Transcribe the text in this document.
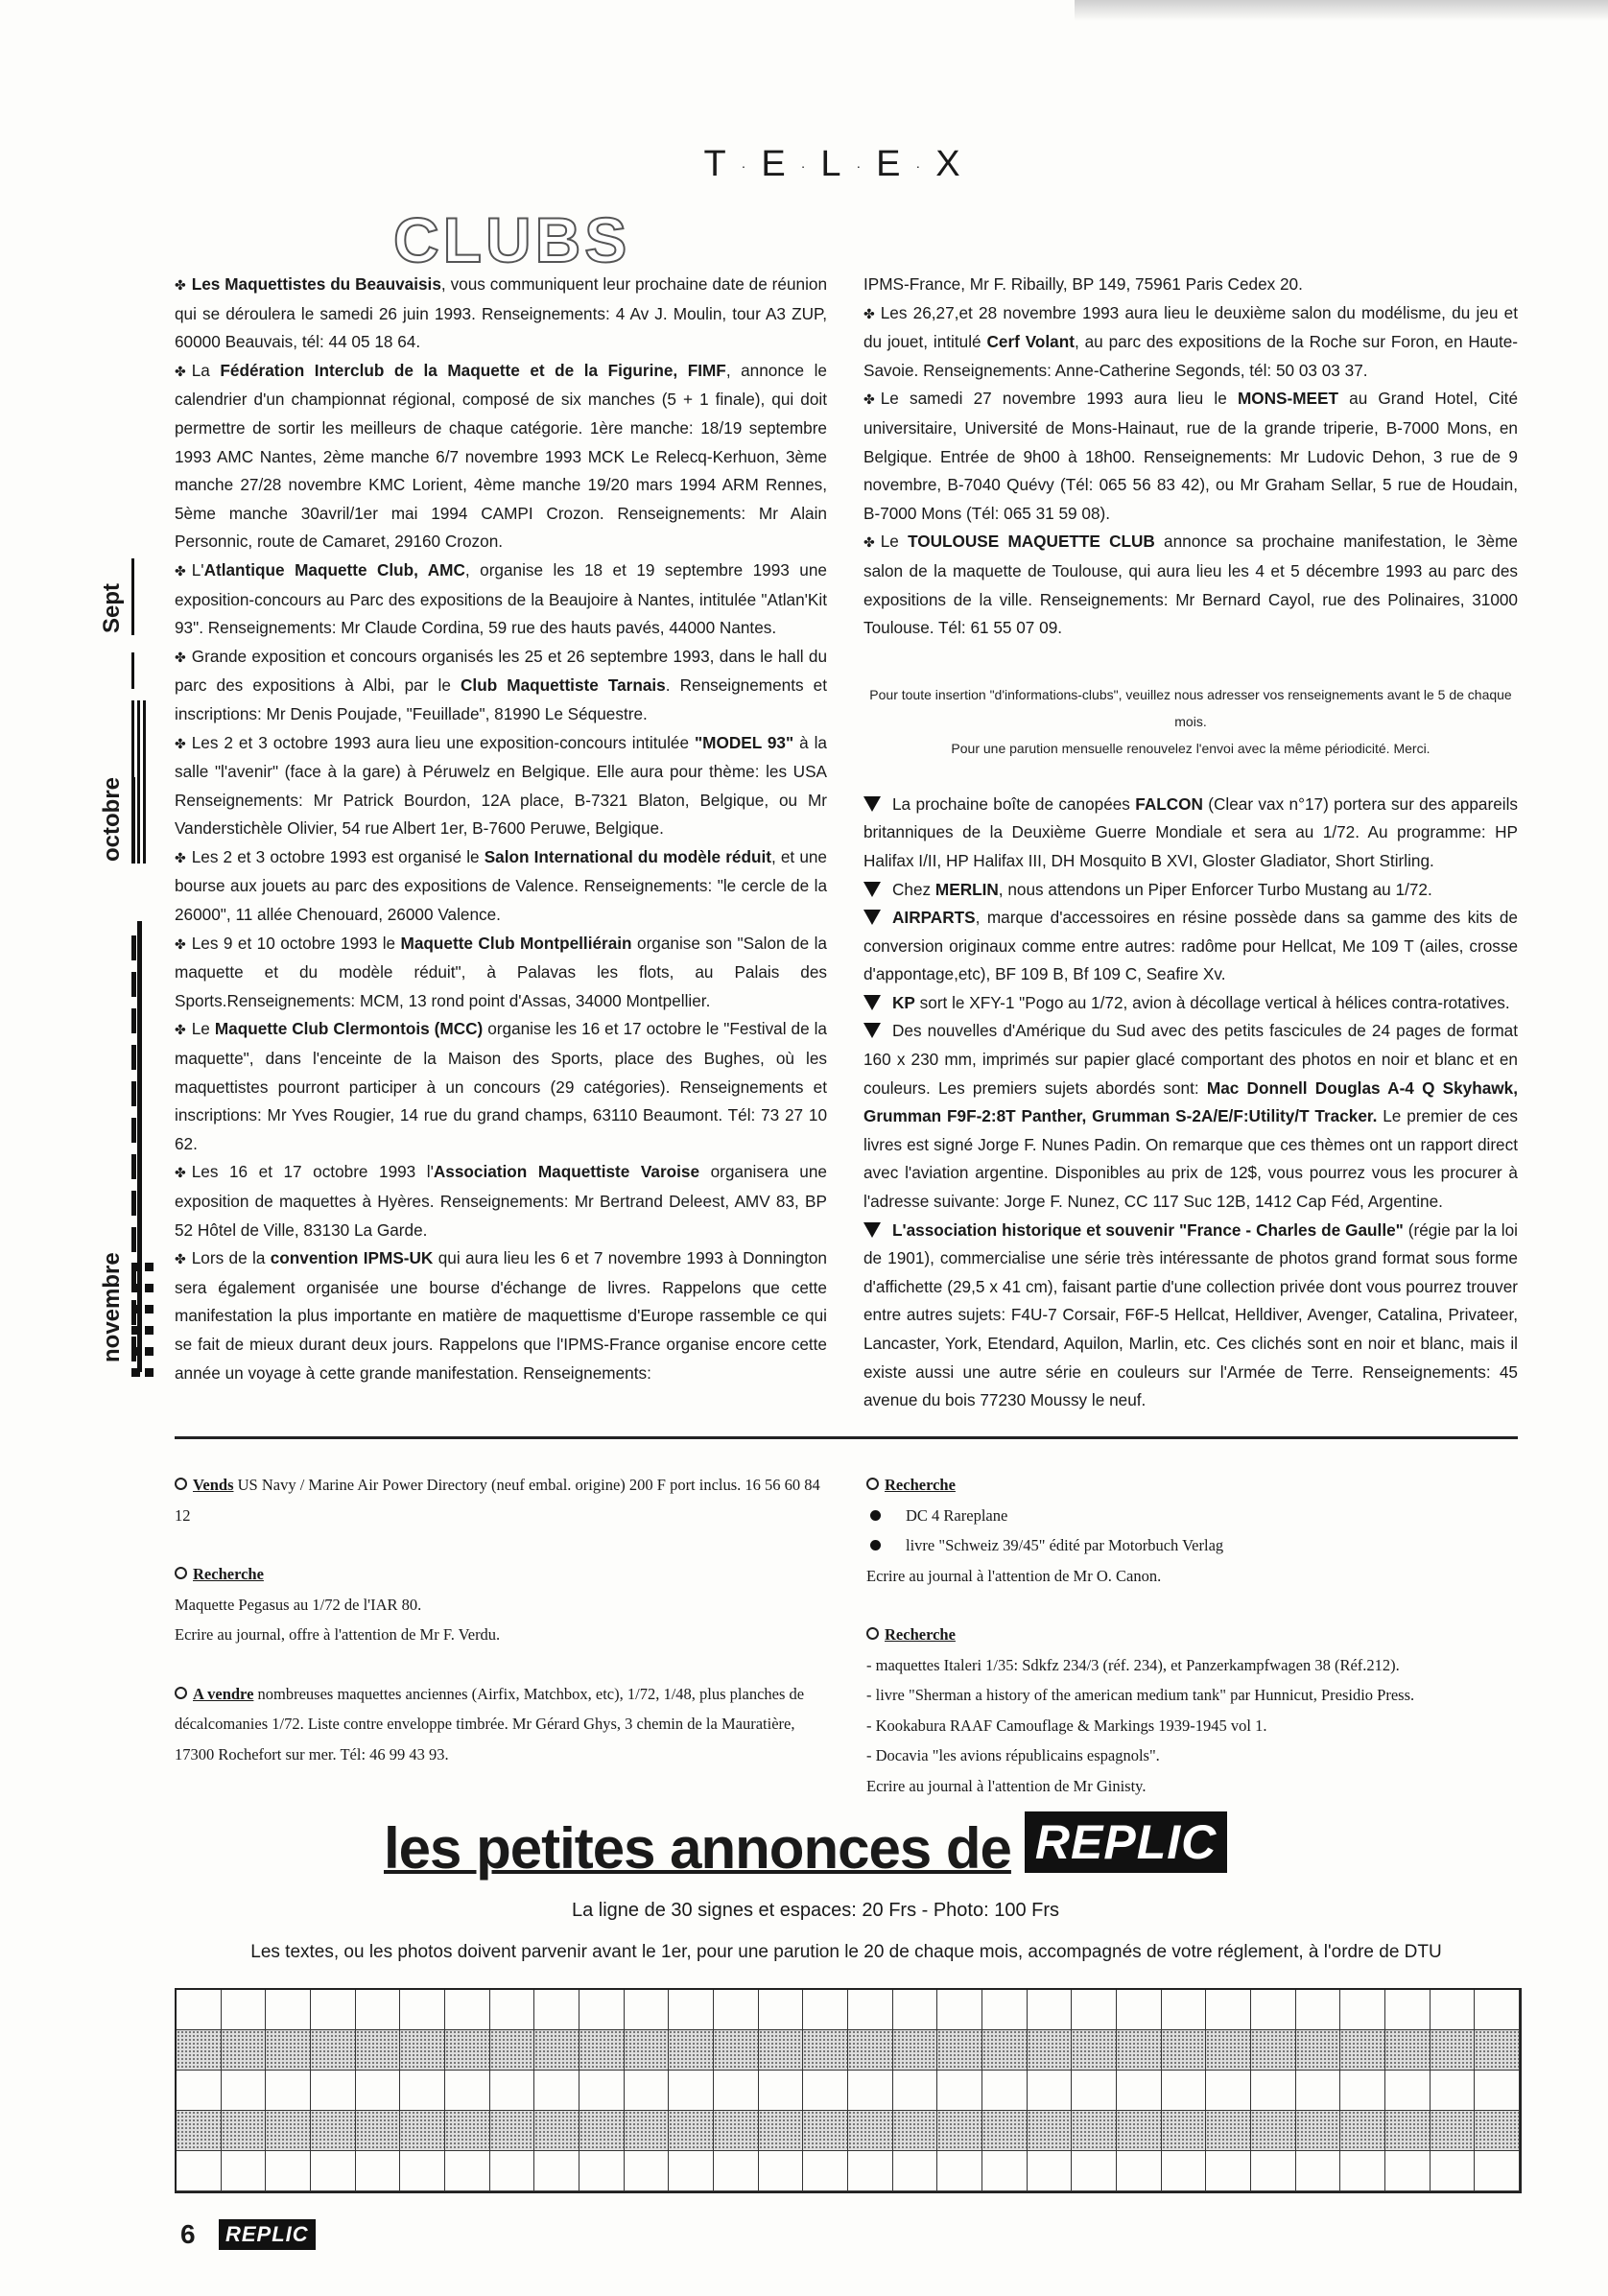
T · E · L · E · X
CLUBS

✤ Les Maquettistes du Beauvaisis, vous communiquent leur prochaine date de réunion qui se déroulera le samedi 26 juin 1993. Renseignements: 4 Av J. Moulin, tour A3 ZUP, 60000 Beauvais, tél: 44 05 18 64.

✤ La Fédération Interclub de la Maquette et de la Figurine, FIMF, annonce le calendrier d'un championnat régional, composé de six manches (5 + 1 finale), qui doit permettre de sortir les meilleurs de chaque catégorie. 1ère manche: 18/19 septembre 1993 AMC Nantes, 2ème manche 6/7 novembre 1993 MCK Le Relecq-Kerhuon, 3ème manche 27/28 novembre KMC Lorient, 4ème manche 19/20 mars 1994 ARM Rennes, 5ème manche 30avril/1er mai 1994 CAMPI Crozon. Renseignements: Mr Alain Personnic, route de Camaret, 29160 Crozon.

✤ L'Atlantique Maquette Club, AMC, organise les 18 et 19 septembre 1993 une exposition-concours au Parc des expositions de la Beaujoire à Nantes, intitulée "Atlan'Kit 93". Renseignements: Mr Claude Cordina, 59 rue des hauts pavés, 44000 Nantes.

✤ Grande exposition et concours organisés les 25 et 26 septembre 1993, dans le hall du parc des expositions à Albi, par le Club Maquettiste Tarnais. Renseignements et inscriptions: Mr Denis Poujade, "Feuillade", 81990 Le Séquestre.

✤ Les 2 et 3 octobre 1993 aura lieu une exposition-concours intitulée "MODEL 93" à la salle "l'avenir" (face à la gare) à Péruwelz en Belgique. Elle aura pour thème: les USA Renseignements: Mr Patrick Bourdon, 12A place, B-7321 Blaton, Belgique, ou Mr Vanderstichèle Olivier, 54 rue Albert 1er, B-7600 Peruwe, Belgique.

✤ Les 2 et 3 octobre 1993 est organisé le Salon International du modèle réduit, et une bourse aux jouets au parc des expositions de Valence. Renseignements: "le cercle de la 26000", 11 allée Chenouard, 26000 Valence.

✤ Les 9 et 10 octobre 1993 le Maquette Club Montpelliérain organise son "Salon de la maquette et du modèle réduit", à Palavas les flots, au Palais des Sports.Renseignements: MCM, 13 rond point d'Assas, 34000 Montpellier.

✤ Le Maquette Club Clermontois (MCC) organise les 16 et 17 octobre le "Festival de la maquette", dans l'enceinte de la Maison des Sports, place des Bughes, où les maquettistes pourront participer à un concours (29 catégories). Renseignements et inscriptions: Mr Yves Rougier, 14 rue du grand champs, 63110 Beaumont. Tél: 73 27 10 62.

✤ Les 16 et 17 octobre 1993 l'Association Maquettiste Varoise organisera une exposition de maquettes à Hyères. Renseignements: Mr Bertrand Deleest, AMV 83, BP 52 Hôtel de Ville, 83130 La Garde.

✤ Lors de la convention IPMS-UK qui aura lieu les 6 et 7 novembre 1993 à Donnington sera également organisée une bourse d'échange de livres. Rappelons que cette manifestation la plus importante en matière de maquettisme d'Europe rassemble ce qui se fait de mieux durant deux jours. Rappelons que l'IPMS-France organise encore cette année un voyage à cette grande manifestation. Renseignements:

IPMS-France, Mr F. Ribailly, BP 149, 75961 Paris Cedex 20.

✤ Les 26,27,et 28 novembre 1993 aura lieu le deuxième salon du modélisme, du jeu et du jouet, intitulé Cerf Volant, au parc des expositions de la Roche sur Foron, en Haute-Savoie. Renseignements: Anne-Catherine Segonds, tél: 50 03 03 37.

✤ Le samedi 27 novembre 1993 aura lieu le MONS-MEET au Grand Hotel, Cité universitaire, Université de Mons-Hainaut, rue de la grande triperie, B-7000 Mons, en Belgique. Entrée de 9h00 à 18h00. Renseignements: Mr Ludovic Dehon, 3 rue de 9 novembre, B-7040 Quévy (Tél: 065 56 83 42), ou Mr Graham Sellar, 5 rue de Houdain, B-7000 Mons (Tél: 065 31 59 08).

✤ Le TOULOUSE MAQUETTE CLUB annonce sa prochaine manifestation, le 3ème salon de la maquette de Toulouse, qui aura lieu les 4 et 5 décembre 1993 au parc des expositions de la ville. Renseignements: Mr Bernard Cayol, rue des Polinaires, 31000 Toulouse. Tél: 61 55 07 09.

Pour toute insertion "d'informations-clubs", veuillez nous adresser vos renseignements avant le 5 de chaque mois.

Pour une parution mensuelle renouvelez l'envoi avec la même périodicité. Merci.

La prochaine boîte de canopées FALCON (Clear vax n°17) portera sur des appareils britanniques de la Deuxième Guerre Mondiale et sera au 1/72. Au programme: HP Halifax I/II, HP Halifax III, DH Mosquito B XVI, Gloster Gladiator, Short Stirling.

Chez MERLIN, nous attendons un Piper Enforcer Turbo Mustang au 1/72.

AIRPARTS, marque d'accessoires en résine possède dans sa gamme des kits de conversion originaux comme entre autres: radôme pour Hellcat, Me 109 T (ailes, crosse d'appontage,etc), BF 109 B, Bf 109 C, Seafire Xv.

KP sort le XFY-1 "Pogo au 1/72, avion à décollage vertical à hélices contra-rotatives.

Des nouvelles d'Amérique du Sud avec des petits fascicules de 24 pages de format 160 x 230 mm, imprimés sur papier glacé comportant des photos en noir et blanc et en couleurs. Les premiers sujets abordés sont: Mac Donnell Douglas A-4 Q Skyhawk, Grumman F9F-2:8T Panther, Grumman S-2A/E/F:Utility/T Tracker. Le premier de ces livres est signé Jorge F. Nunes Padin. On remarque que ces thèmes ont un rapport direct avec l'aviation argentine. Disponibles au prix de 12$, vous pourrez vous les procurer à l'adresse suivante: Jorge F. Nunez, CC 117 Suc 12B, 1412 Cap Féd, Argentine.

L'association historique et souvenir "France - Charles de Gaulle" (régie par la loi de 1901), commercialise une série très intéressante de photos grand format sous forme d'affichette (29,5 x 41 cm), faisant partie d'une collection privée dont vous pourrez trouver entre autres sujets: F4U-7 Corsair, F6F-5 Hellcat, Helldiver, Avenger, Catalina, Privateer, Lancaster, York, Etendard, Aquilon, Marlin, etc. Ces clichés sont en noir et blanc, mais il existe aussi une autre série en couleurs sur l'Armée de Terre. Renseignements: 45 avenue du bois 77230 Moussy le neuf.

Sept
octobre
novembre
Vends US Navy / Marine Air Power Directory (neuf embal. origine) 200 F port inclus. 16 56 60 84 12
Recherche
Maquette Pegasus au 1/72 de l'IAR 80.
Ecrire au journal, offre à l'attention de Mr F. Verdu.
A vendre nombreuses maquettes anciennes (Airfix, Matchbox, etc), 1/72, 1/48, plus planches de décalcomanies 1/72. Liste contre enveloppe timbrée. Mr Gérard Ghys, 3 chemin de la Mauratière, 17300 Rochefort sur mer. Tél: 46 99 43 93.
Recherche
DC 4 Rareplane
livre "Schweiz 39/45" édité par Motorbuch Verlag
Ecrire au journal à l'attention de Mr O. Canon.
Recherche
- maquettes Italeri 1/35: Sdkfz 234/3 (réf. 234), et Panzerkampfwagen 38 (Réf.212).
- livre "Sherman a history of the american medium tank" par Hunnicut, Presidio Press.
- Kookabura RAAF Camouflage & Markings 1939-1945 vol 1.
- Docavia "les avions républicains espagnols".
Ecrire au journal à l'attention de Mr Ginisty.
les petites annonces de REPLIC
La ligne de 30 signes et espaces: 20 Frs - Photo: 100 Frs
Les textes, ou les photos doivent parvenir avant le 1er, pour une parution le 20 de chaque mois, accompagnés de votre réglement, à l'ordre de DTU
6	REPLIC
